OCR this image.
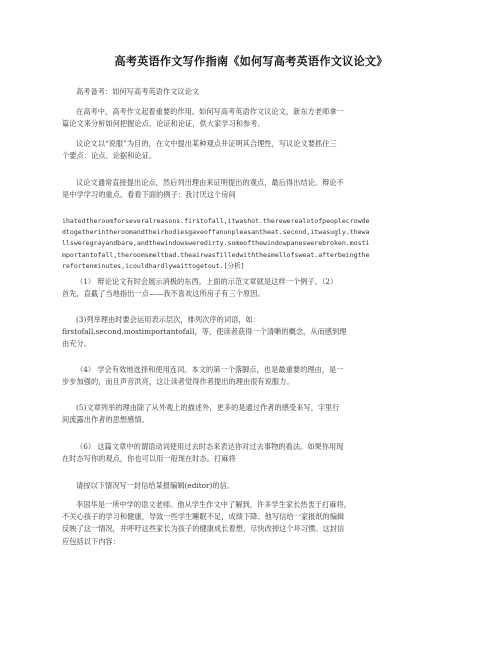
高考英语作文写作指南《如何写高考英语作文议论文》
高考备考：如何写高考英语作文议论文
在高考中，高考作文起着重要的作用。如何写高考英语作文议论文，新东方老师拿一
篇论文来分析如何把握论点、论证和论证，供大家学习和参考。
议论文以“说服”为目的，在文中提出某种观点并证明其合理性，写议论文要抓住三
个要点：论点、论据和论证。
议论文通常直接提出论点，然后列出理由来证明提出的观点，最后得出结论。辩论不
是中学学习的重点。看看下面的例子：我讨厌这个房间
ihatedtheroomforseveralreasons.firstofall,itwashot.therewerealotofpeoplecrowde
dtogetherintheroomandtheirbodiesgaveoffanunpleasantheat.second,itwasugly.thewa
llsweregrayandbare,andthewindowsweredirty.someofthewindowpaneswerebroken.mosti
mportantofall,theroomsmeltbad.theairwasfilledwiththesmellofsweat.afterbeingthe
refortenminutes,icouldhardlywaittogetout.[分析]
（1） 辩论论文有时会展示消极的东西。上面的示范文章就是这样一个例子。（2）
首先，直截了当地指出一点——我不喜欢这所房子有三个原因。
(3)列举理由时要会运用表示层次，排列次序的词语，如：
firstofall,second,mostimportantofall，等，使读者获得一个清晰的概念，从而感到理
由充分。
（4） 学会有效地选择和使用连词。本文的第一个落脚点，也是最重要的理由，是一
步步加强的，而且声音洪亮，这让读者觉得作者提出的理由很有说服力。
(5)文章列举的理由除了从外观上的描述外，更多的是通过作者的感受来写，字里行
间流露出作者的思想感情。
（6） 这篇文章中的谓语动词使用过去时态来表达你对过去事物的看法。如果你用现
在时态写你的观点，你也可以用一般现在时态。打麻将
请按以下情况写一封信给某报编辑(editor)的信。
李国华是一所中学的语文老师。他从学生作文中了解到，许多学生家长热衷于打麻将，
不关心孩子的学习和健康，导致一些学生睡眠不足，成绩下降。他写信给一家报纸的编辑
反映了这一情况，并呼吁这些家长为孩子的健康成长着想，尽快改掉这个坏习惯。这封信
应包括以下内容：
